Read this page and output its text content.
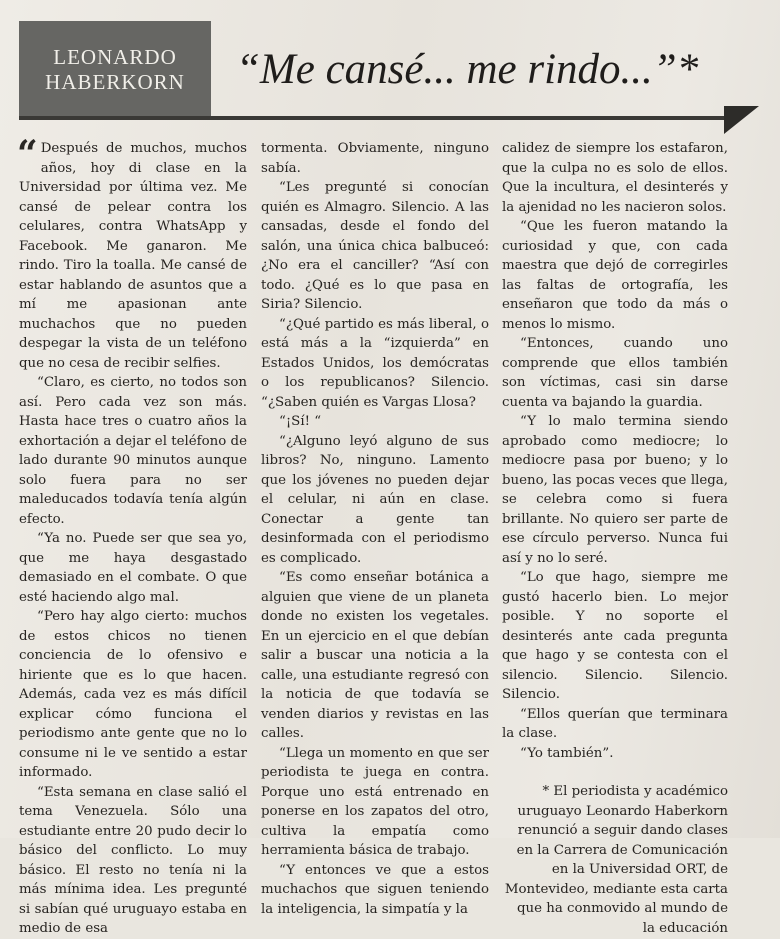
LEONARDO
HABERKORN “Me cansé... me rindo...”*

“ Después de muchos, muchos años, hoy di clase en la Universidad por última vez. Me cansé de pelear contra los celulares, contra WhatsApp y Facebook. Me ganaron. Me rindo. Tiro la toalla. Me cansé de estar hablando de asuntos que a mí me apasionan ante muchachos que no pueden despegar la vista de un teléfono que no cesa de recibir selfies.

“Claro, es cierto, no todos son así. Pero cada vez son más. Hasta hace tres o cuatro años la exhortación a dejar el teléfono de lado durante 90 minutos aunque solo fuera para no ser maleducados todavía tenía algún efecto.

“Ya no. Puede ser que sea yo, que me haya desgastado demasiado en el combate. O que esté haciendo algo mal.

“Pero hay algo cierto: muchos de estos chicos no tienen conciencia de lo ofensivo e hiriente que es lo que hacen. Además, cada vez es más difícil explicar cómo funciona el periodismo ante gente que no lo consume ni le ve sentido a estar informado.

“Esta semana en clase salió el tema Venezuela. Sólo una estudiante entre 20 pudo decir lo básico del conflicto. Lo muy básico. El resto no tenía ni la más mínima idea. Les pregunté si sabían qué uruguayo estaba en medio de esa

tormenta. Obviamente, ninguno sabía.

“Les pregunté si conocían quién es Almagro. Silencio. A las cansadas, desde el fondo del salón, una única chica balbuceó: ¿No era el canciller? “Así con todo. ¿Qué es lo que pasa en Siria? Silencio.

“¿Qué partido es más liberal, o está más a la “izquierda” en Estados Unidos, los demócratas o los republicanos? Silencio. “¿Saben quién es Vargas Llosa?

“¡Sí! “

“¿Alguno leyó alguno de sus libros? No, ninguno. Lamento que los jóvenes no pueden dejar el celular, ni aún en clase. Conectar a gente tan desinformada con el periodismo es complicado.

“Es como enseñar botánica a alguien que viene de un planeta donde no existen los vegetales. En un ejercicio en el que debían salir a buscar una noticia a la calle, una estudiante regresó con la noticia de que todavía se venden diarios y revistas en las calles.

“Llega un momento en que ser periodista te juega en contra. Porque uno está entrenado en ponerse en los zapatos del otro, cultiva la empatía como herramienta básica de trabajo.

“Y entonces ve que a estos muchachos que siguen teniendo la inteligencia, la simpatía y la

calidez de siempre los estafaron, que la culpa no es solo de ellos. Que la incultura, el desinterés y la ajenidad no les nacieron solos.

“Que les fueron matando la curiosidad y que, con cada maestra que dejó de corregirles las faltas de ortografía, les enseñaron que todo da más o menos lo mismo.

“Entonces, cuando uno comprende que ellos también son víctimas, casi sin darse cuenta va bajando la guardia.

“Y lo malo termina siendo aprobado como mediocre; lo mediocre pasa por bueno; y lo bueno, las pocas veces que llega, se celebra como si fuera brillante. No quiero ser parte de ese círculo perverso. Nunca fui así y no lo seré.

“Lo que hago, siempre me gustó hacerlo bien. Lo mejor posible. Y no soporte el desinterés ante cada pregunta que hago y se contesta con el silencio. Silencio. Silencio. Silencio.

“Ellos querían que terminara la clase.

“Yo también”.

* El periodista y académico uruguayo Leonardo Haberkorn renunció a seguir dando clases en la Carrera de Comunicación en la Universidad ORT, de Montevideo, mediante esta carta que ha conmovido al mundo de la educación
